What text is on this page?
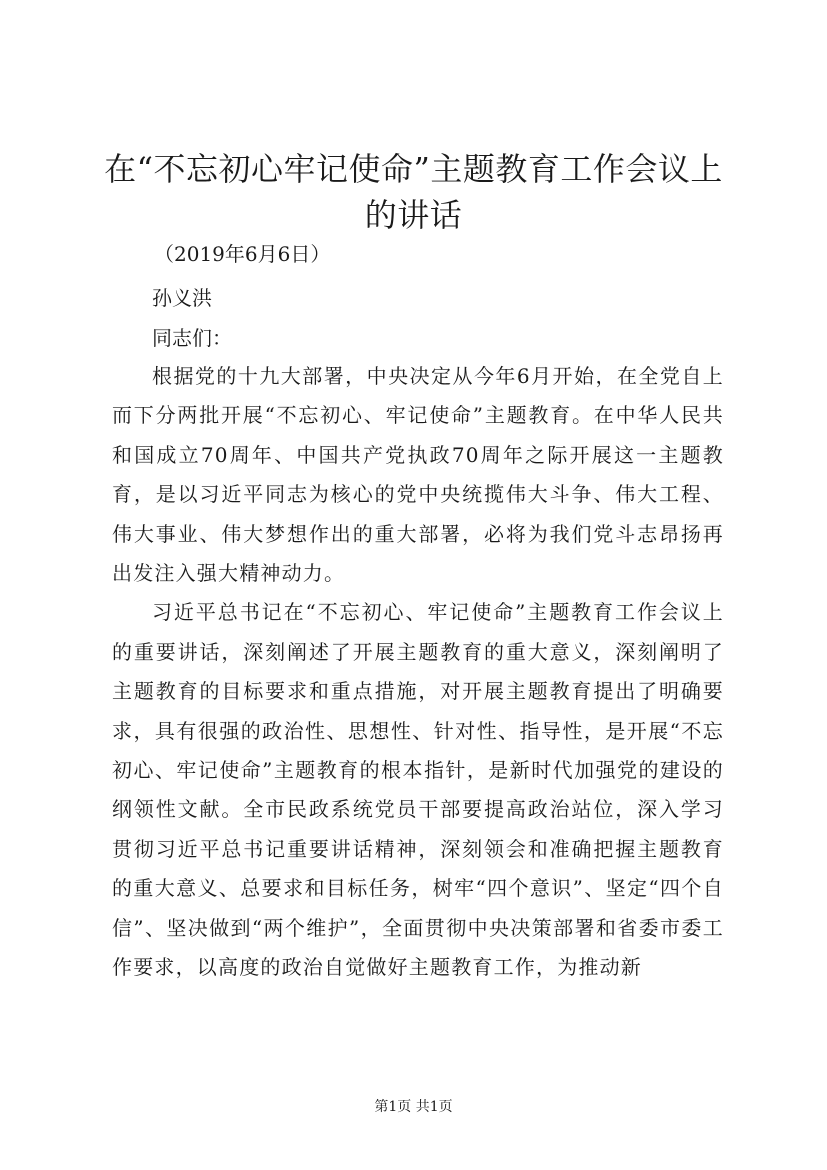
在“不忘初心牢记使命”主题教育工作会议上的讲话

（2019年6月6日）

孙义洪

同志们：

根据党的十九大部署，中央决定从今年6月开始，在全党自上而下分两批开展“不忘初心、牢记使命”主题教育。在中华人民共和国成立70周年、中国共产党执政70周年之际开展这一主题教育，是以习近平同志为核心的党中央统揽伟大斗争、伟大工程、伟大事业、伟大梦想作出的重大部署，必将为我们党斗志昂扬再出发注入强大精神动力。

习近平总书记在“不忘初心、牢记使命”主题教育工作会议上的重要讲话，深刻阐述了开展主题教育的重大意义，深刻阐明了主题教育的目标要求和重点措施，对开展主题教育提出了明确要求，具有很强的政治性、思想性、针对性、指导性，是开展“不忘初心、牢记使命”主题教育的根本指针，是新时代加强党的建设的纲领性文献。全市民政系统党员干部要提高政治站位，深入学习贯彻习近平总书记重要讲话精神，深刻领会和准确把握主题教育的重大意义、总要求和目标任务，树牢“四个意识”、坚定“四个自信”、坚决做到“两个维护”，全面贯彻中央决策部署和省委市委工作要求，以高度的政治自觉做好主题教育工作，为推动新

第1页 共1页
